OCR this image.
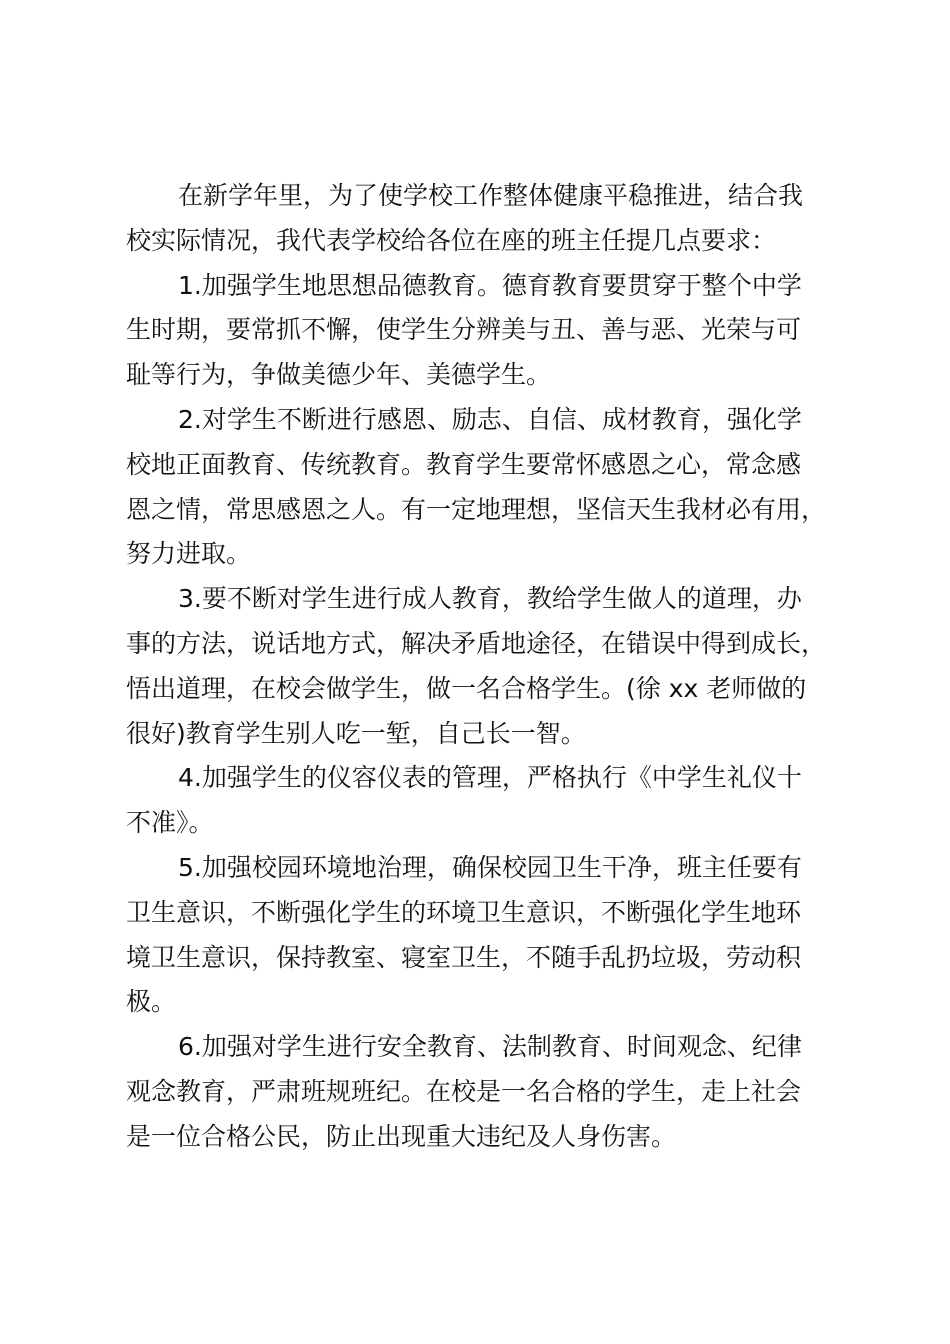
在新学年里，为了使学校工作整体健康平稳推进，结合我
校实际情况，我代表学校给各位在座的班主任提几点要求：

1.加强学生地思想品德教育。德育教育要贯穿于整个中学
生时期，要常抓不懈，使学生分辨美与丑、善与恶、光荣与可
耻等行为，争做美德少年、美德学生。

2.对学生不断进行感恩、励志、自信、成材教育，强化学
校地正面教育、传统教育。教育学生要常怀感恩之心，常念感
恩之情，常思感恩之人。有一定地理想，坚信天生我材必有用，
努力进取。

3.要不断对学生进行成人教育，教给学生做人的道理，办
事的方法，说话地方式，解决矛盾地途径，在错误中得到成长，
悟出道理，在校会做学生，做一名合格学生。(徐 xx 老师做的
很好)教育学生别人吃一堑，自己长一智。

4.加强学生的仪容仪表的管理，严格执行《中学生礼仪十
不准》。

5.加强校园环境地治理，确保校园卫生干净，班主任要有
卫生意识，不断强化学生的环境卫生意识，不断强化学生地环
境卫生意识，保持教室、寝室卫生，不随手乱扔垃圾，劳动积
极。

6.加强对学生进行安全教育、法制教育、时间观念、纪律
观念教育，严肃班规班纪。在校是一名合格的学生，走上社会
是一位合格公民，防止出现重大违纪及人身伤害。
